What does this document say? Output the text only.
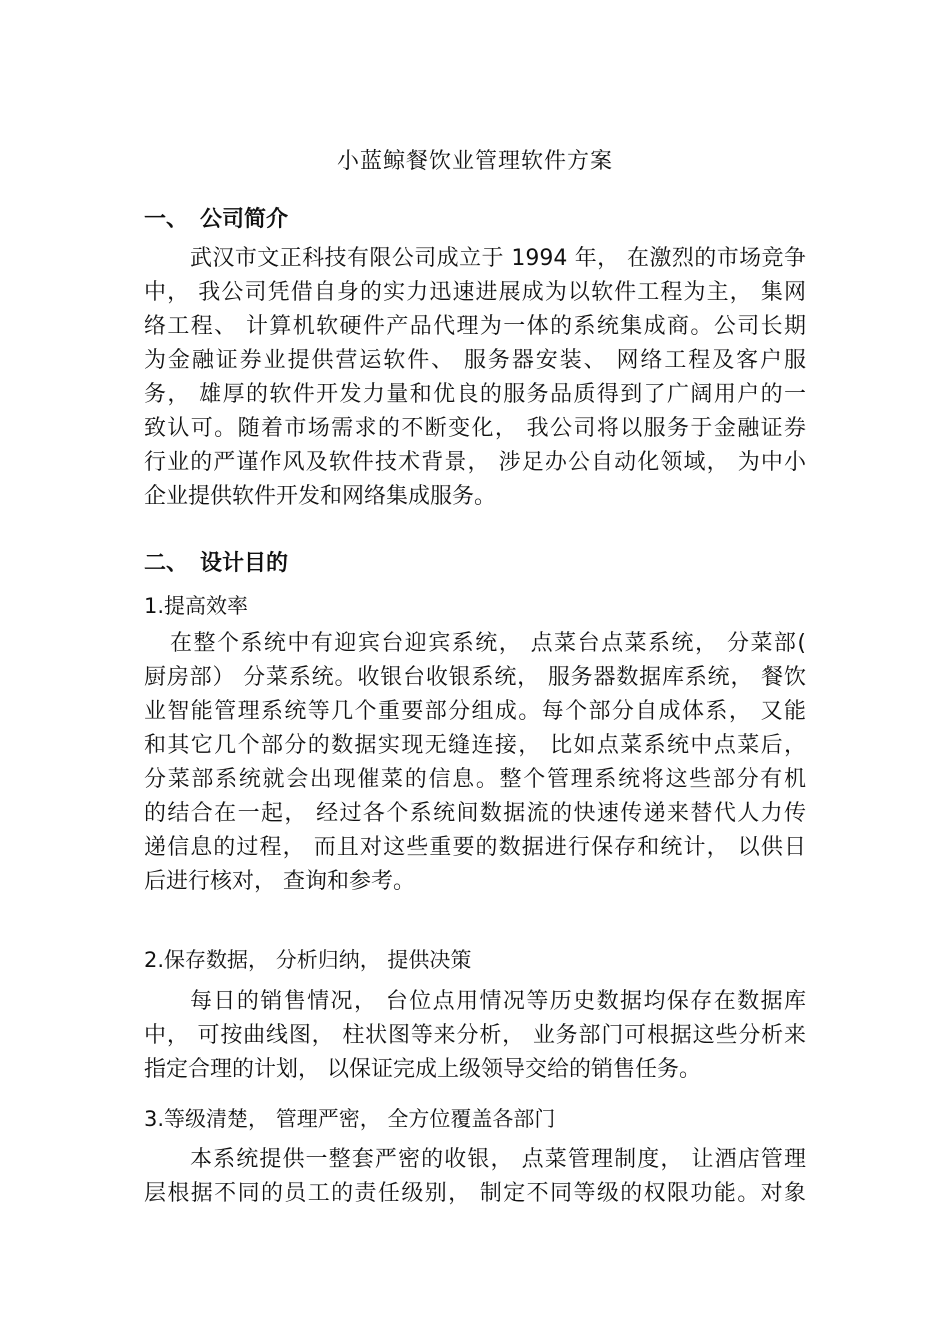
小蓝鲸餐饮业管理软件方案
一、 公司简介
武汉市文正科技有限公司成立于 1994 年， 在激烈的市场竞争
中， 我公司凭借自身的实力迅速进展成为以软件工程为主， 集网
络工程、 计算机软硬件产品代理为一体的系统集成商。公司长期
为金融证券业提供营运软件、 服务器安装、 网络工程及客户服
务， 雄厚的软件开发力量和优良的服务品质得到了广阔用户的一
致认可。随着市场需求的不断变化， 我公司将以服务于金融证券
行业的严谨作风及软件技术背景， 涉足办公自动化领域， 为中小
企业提供软件开发和网络集成服务。
二、 设计目的
1.提高效率
在整个系统中有迎宾台迎宾系统， 点菜台点菜系统， 分菜部(
厨房部） 分菜系统。收银台收银系统， 服务器数据库系统， 餐饮
业智能管理系统等几个重要部分组成。每个部分自成体系， 又能
和其它几个部分的数据实现无缝连接， 比如点菜系统中点菜后，
分菜部系统就会出现催菜的信息。整个管理系统将这些部分有机
的结合在一起， 经过各个系统间数据流的快速传递来替代人力传
递信息的过程， 而且对这些重要的数据进行保存和统计， 以供日
后进行核对， 查询和参考。
2.保存数据， 分析归纳， 提供决策
每日的销售情况， 台位点用情况等历史数据均保存在数据库
中， 可按曲线图， 柱状图等来分析， 业务部门可根据这些分析来
指定合理的计划， 以保证完成上级领导交给的销售任务。
3.等级清楚， 管理严密， 全方位覆盖各部门
本系统提供一整套严密的收银， 点菜管理制度， 让酒店管理
层根据不同的员工的责任级别， 制定不同等级的权限功能。对象
